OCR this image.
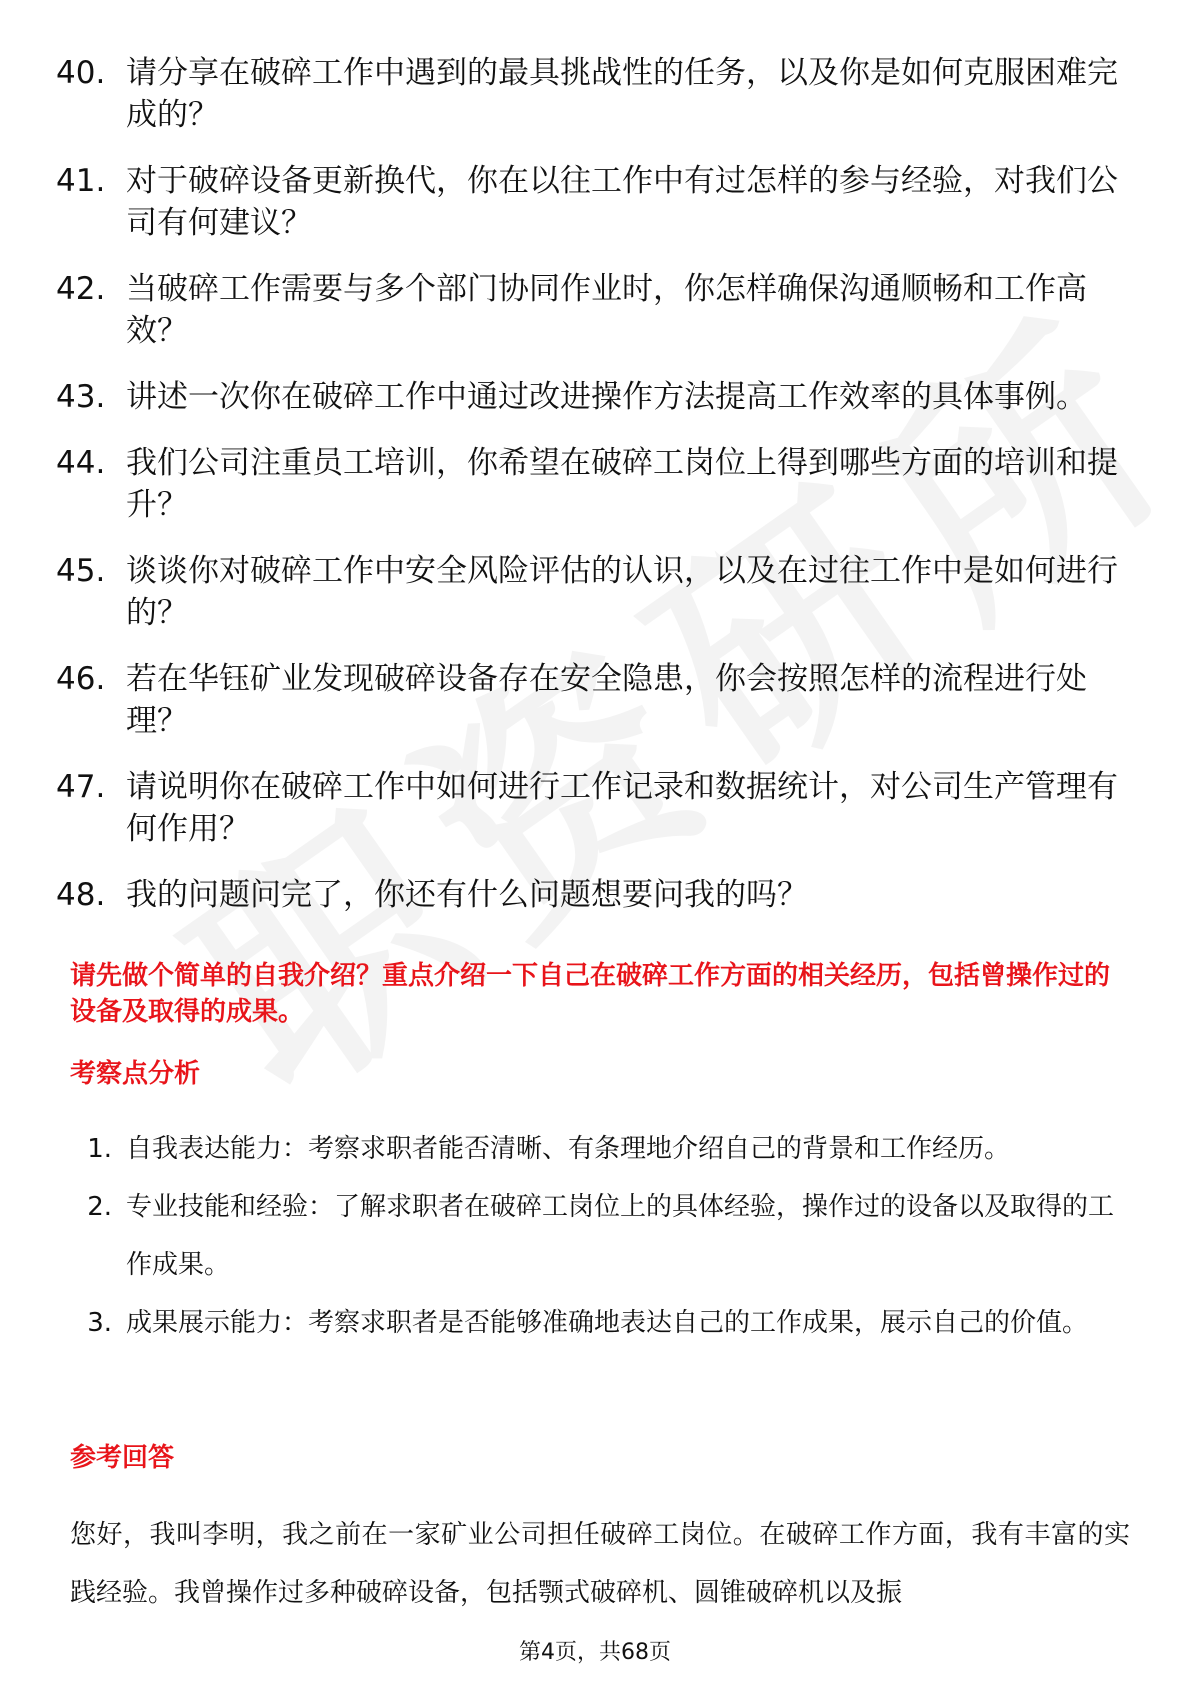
40. 请分享在破碎工作中遇到的最具挑战性的任务，以及你是如何克服困难完成的？
41. 对于破碎设备更新换代，你在以往工作中有过怎样的参与经验，对我们公司有何建议？
42. 当破碎工作需要与多个部门协同作业时，你怎样确保沟通顺畅和工作高效？
43. 讲述一次你在破碎工作中通过改进操作方法提高工作效率的具体事例。
44. 我们公司注重员工培训，你希望在破碎工岗位上得到哪些方面的培训和提升？
45. 谈谈你对破碎工作中安全风险评估的认识，以及在过往工作中是如何进行的？
46. 若在华钰矿业发现破碎设备存在安全隐患，你会按照怎样的流程进行处理？
47. 请说明你在破碎工作中如何进行工作记录和数据统计，对公司生产管理有何作用？
48. 我的问题问完了，你还有什么问题想要问我的吗？
请先做个简单的自我介绍？重点介绍一下自己在破碎工作方面的相关经历，包括曾操作过的设备及取得的成果。
考察点分析
1. 自我表达能力：考察求职者能否清晰、有条理地介绍自己的背景和工作经历。
2. 专业技能和经验：了解求职者在破碎工岗位上的具体经验，操作过的设备以及取得的工作成果。
3. 成果展示能力：考察求职者是否能够准确地表达自己的工作成果，展示自己的价值。
参考回答
您好，我叫李明，我之前在一家矿业公司担任破碎工岗位。在破碎工作方面，我有丰富的实践经验。我曾操作过多种破碎设备，包括颚式破碎机、圆锥破碎机以及振
第4页，共68页
